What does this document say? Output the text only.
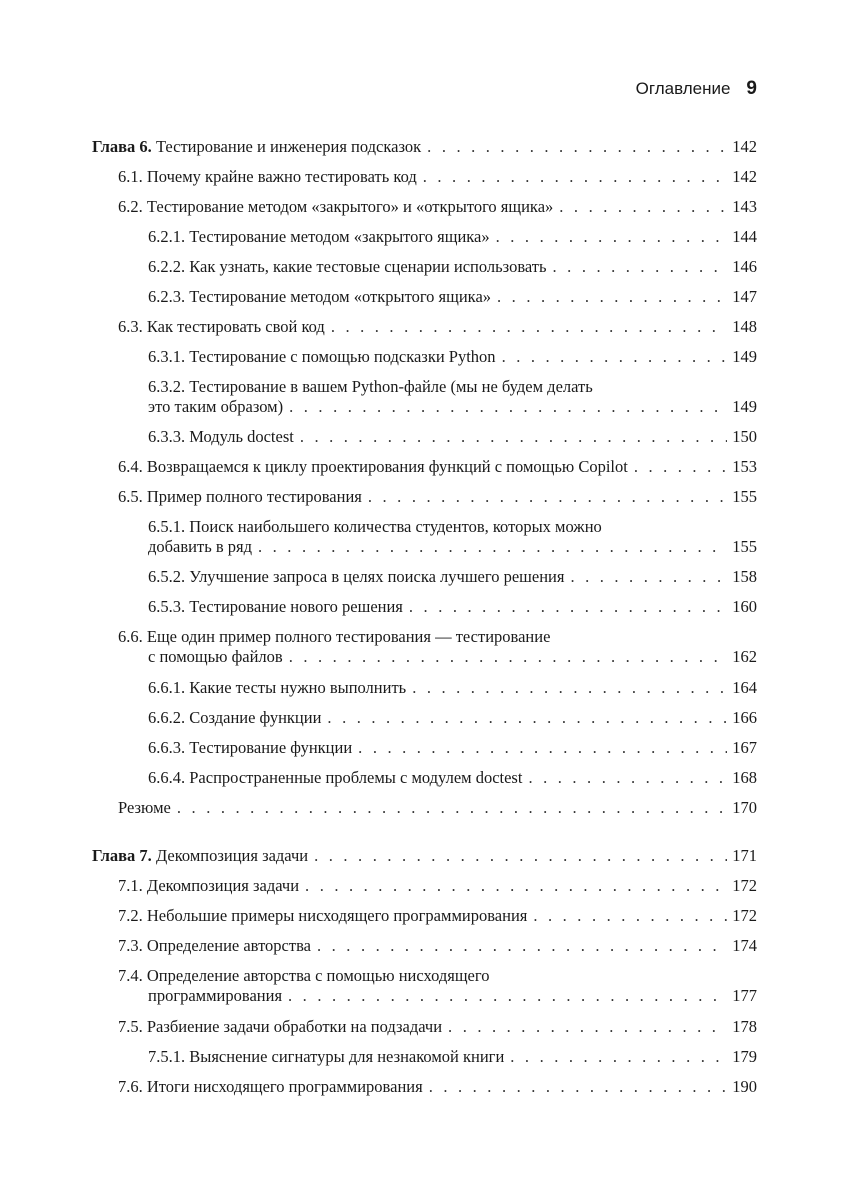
Оглавление 9
Глава 6. Тестирование и инженерия подсказок . . .	142
6.1. Почему крайне важно тестировать код . . .	142
6.2. Тестирование методом «закрытого» и «открытого ящика» . . .	143
6.2.1. Тестирование методом «закрытого ящика» . . .	144
6.2.2. Как узнать, какие тестовые сценарии использовать . . .	146
6.2.3. Тестирование методом «открытого ящика» . . .	147
6.3. Как тестировать свой код . . .	148
6.3.1. Тестирование с помощью подсказки Python . . .	149
6.3.2. Тестирование в вашем Python-файле (мы не будем делать
это таким образом) . . .	149
6.3.3. Модуль doctest . . .	150
6.4. Возвращаемся к циклу проектирования функций с помощью Copilot . . .	153
6.5. Пример полного тестирования . . .	155
6.5.1. Поиск наибольшего количества студентов, которых можно
добавить в ряд . . .	155
6.5.2. Улучшение запроса в целях поиска лучшего решения . . .	158
6.5.3. Тестирование нового решения . . .	160
6.6. Еще один пример полного тестирования — тестирование
с помощью файлов . . .	162
6.6.1. Какие тесты нужно выполнить . . .	164
6.6.2. Создание функции . . .	166
6.6.3. Тестирование функции . . .	167
6.6.4. Распространенные проблемы с модулем doctest . . .	168
Резюме . . .	170
Глава 7. Декомпозиция задачи . . .	171
7.1. Декомпозиция задачи . . .	172
7.2. Небольшие примеры нисходящего программирования . . .	172
7.3. Определение авторства . . .	174
7.4. Определение авторства с помощью нисходящего
программирования . . .	177
7.5. Разбиение задачи обработки на подзадачи . . .	178
7.5.1. Выяснение сигнатуры для незнакомой книги . . .	179
7.6. Итоги нисходящего программирования . . .	190
